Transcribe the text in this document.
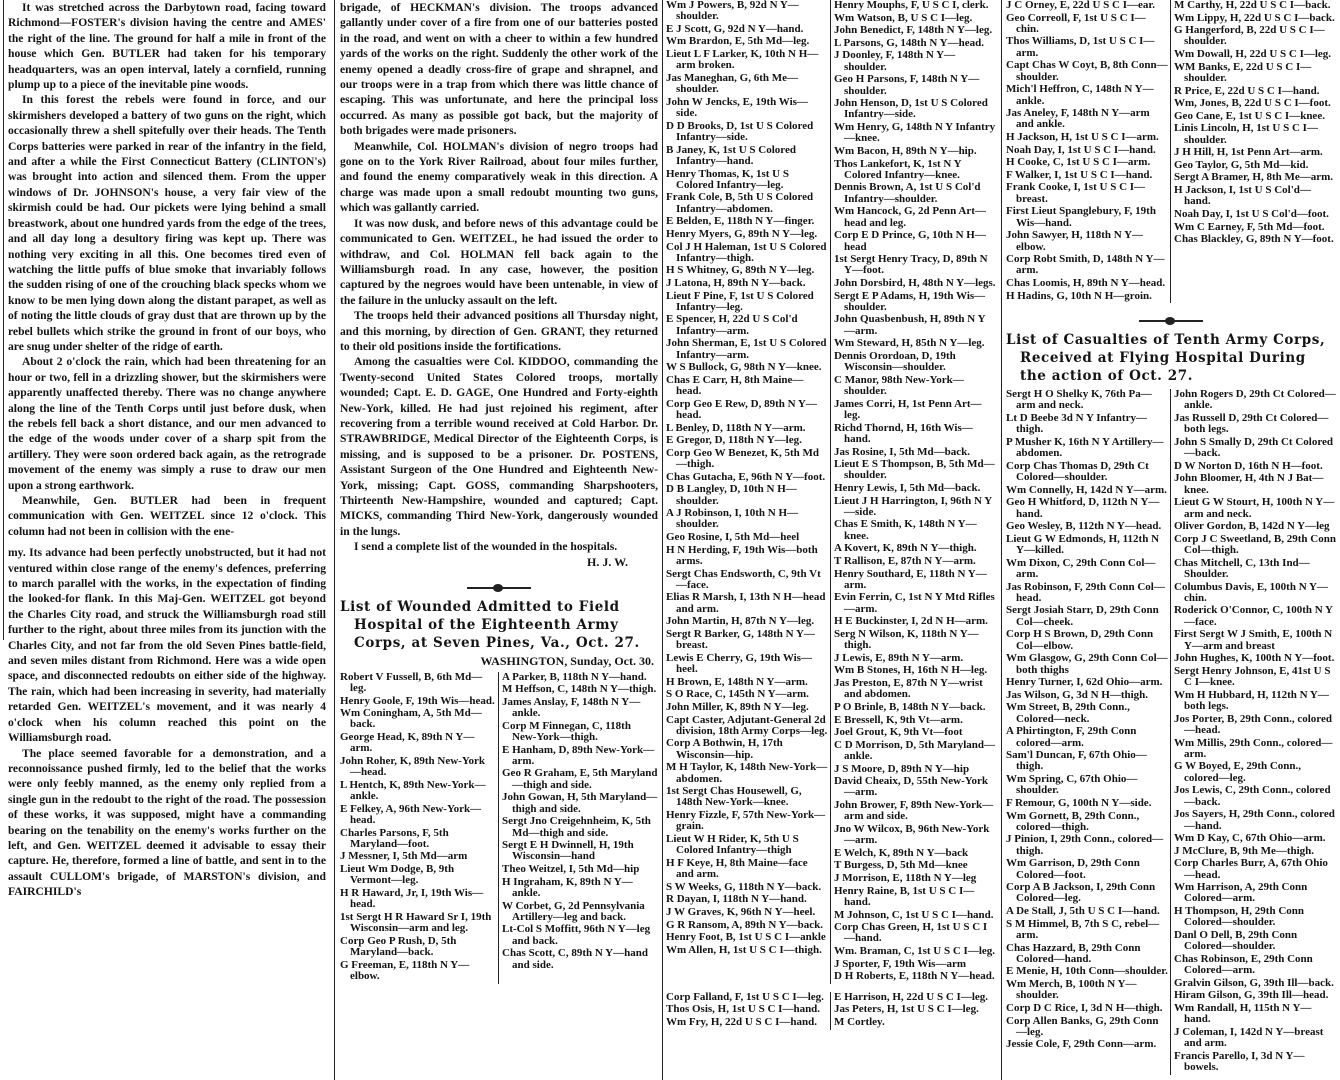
It was stretched across the Darbytown road, facing toward Richmond—FOSTER's division having the centre and AMES' the right of the line. The ground for half a mile in front of the house which Gen. BUTLER had taken for his temporary headquarters, was an open interval, lately a cornfield, running plump up to a piece of the inevitable pine woods.

In this forest the rebels were found in force, and our skirmishers developed a battery of two guns on the right, which occasionally threw a shell spitefully over their heads. The Tenth Corps batteries were parked in rear of the infantry in the field, and after a while the First Connecticut Battery (CLINTON's) was brought into action and silenced them. From the upper windows of Dr. JOHNSON's house, a very fair view of the skirmish could be had. Our pickets were lying behind a small breastwork, about one hundred yards from the edge of the trees, and all day long a desultory firing was kept up. There was nothing very exciting in all this. One becomes tired even of watching the little puffs of blue smoke that invariably follows the sudden rising of one of the crouching black specks whom we know to be men lying down along the distant parapet, as well as of noting the little clouds of gray dust that are thrown up by the rebel bullets which strike the ground in front of our boys, who are snug under shelter of the ridge of earth.

About 2 o'clock the rain, which had been threatening for an hour or two, fell in a drizzling shower, but the skirmishers were apparently unaffected thereby. There was no change anywhere along the line of the Tenth Corps until just before dusk, when the rebels fell back a short distance, and our men advanced to the edge of the woods under cover of a sharp spit from the artillery. They were soon ordered back again, as the retrograde movement of the enemy was simply a ruse to draw our men upon a strong earthwork.

Meanwhile, Gen. BUTLER had been in frequent communication with Gen. WEITZEL since 12 o'clock. This column had not been in collision with the ene-

my. Its advance had been perfectly unobstructed, but it had not ventured within close range of the enemy's defences, preferring to march parallel with the works, in the expectation of finding the looked-for flank. In this Maj-Gen. WEITZEL got beyond the Charles City road, and struck the Williamsburgh road still further to the right, about three miles from its junction with the Charles City, and not far from the old Seven Pines battle-field, and seven miles distant from Richmond. Here was a wide open space, and disconnected redoubts on either side of the highway. The rain, which had been increasing in severity, had materially retarded Gen. WEITZEL's movement, and it was nearly 4 o'clock when his column reached this point on the Williamsburgh road.

The place seemed favorable for a demonstration, and a reconnoissance pushed firmly, led to the belief that the works were only feebly manned, as the enemy only replied from a single gun in the redoubt to the right of the road. The possession of these works, it was supposed, might have a commanding bearing on the tenability on the enemy's works further on the left, and Gen. WEITZEL deemed it advisable to essay their capture. He, therefore, formed a line of battle, and sent in to the assault CULLOM's brigade, of MARSTON's division, and FAIRCHILD's

brigade, of HECKMAN's division. The troops advanced gallantly under cover of a fire from one of our batteries posted in the road, and went on with a cheer to within a few hundred yards of the works on the right. Suddenly the other work of the enemy opened a deadly cross-fire of grape and shrapnel, and our troops were in a trap from which there was little chance of escaping. This was unfortunate, and here the principal loss occurred. As many as possible got back, but the majority of both brigades were made prisoners.

Meanwhile, Col. HOLMAN's division of negro troops had gone on to the York River Railroad, about four miles further, and found the enemy comparatively weak in this direction. A charge was made upon a small redoubt mounting two guns, which was gallantly carried.

It was now dusk, and before news of this advantage could be communicated to Gen. WEITZEL, he had issued the order to withdraw, and Col. HOLMAN fell back again to the Williamsburgh road. In any case, however, the position captured by the negroes would have been untenable, in view of the failure in the unlucky assault on the left.

The troops held their advanced positions all Thursday night, and this morning, by direction of Gen. GRANT, they returned to their old positions inside the fortifications.

Among the casualties were Col. KIDDOO, commanding the Twenty-second United States Colored troops, mortally wounded; Capt. E. D. GAGE, One Hundred and Forty-eighth New-York, killed. He had just rejoined his regiment, after recovering from a terrible wound received at Cold Harbor. Dr. STRAWBRIDGE, Medical Director of the Eighteenth Corps, is missing, and is supposed to be a prisoner. Dr. POSTENS, Assistant Surgeon of the One Hundred and Eighteenth New-York, missing; Capt. GOSS, commanding Sharpshooters, Thirteenth New-Hampshire, wounded and captured; Capt. MICKS, commanding Third New-York, dangerously wounded in the lungs.

I send a complete list of the wounded in the hospitals.

H. J. W.
List of Wounded Admitted to Field Hospital of the Eighteenth Army Corps, at Seven Pines, Va., Oct. 27.
WASHINGTON, Sunday, Oct. 30.
Robert V Fussell, B, 6th Md—leg.
Henry Goole, F, 19th Wis—head.
Wm Coningham, A, 5th Md—back.
George Head, K, 89th N Y—arm.
John Roher, K, 89th New-York—head.
L Hentch, K, 89th New-York—ankle.
E Felkey, A, 96th New-York—head.
Charles Parsons, F, 5th Maryland—foot.
J Messner, I, 5th Md—arm
Lieut Wm Dodge, B, 9th Vermont—leg.
H R Haward, Jr, I, 19th Wis—head.
1st Sergt H R Haward Sr I, 19th Wisconsin—arm and leg.
Corp Geo P Rush, D, 5th Maryland—back.
G Freeman, E, 118th N Y—elbow.
A Parker, B, 118th N Y—hand.
M Heffson, C, 148th N Y—thigh.
James Anslay, F, 148th N Y—ankle.
Corp M Finnegan, C, 118th New-York—thigh.
E Hanham, D, 89th New-York—arm.
Geo R Graham, E, 5th Maryland—thigh and side.
John Gowan, H, 5th Maryland—thigh and side.
Sergt Jno Creigehnheim, K, 5th Md—thigh and side.
Sergt E H Dwinnell, H, 19th Wisconsin—hand
Theo Weitzel, I, 5th Md—hip
H Ingraham, K, 89th N Y—ankle.
W Corbet, G, 2d Pennsylvania Artillery—leg and back.
Lt-Col S Moffitt, 96th N Y—leg and back.
Chas Scott, C, 89th N Y—hand and side.
Wm J Powers, B, 92d N Y—shoulder.
E J Scott, G, 92d N Y—hand.
Wm Brardon, E, 5th Md—leg.
Lieut L F Larker, K, 10th N H—arm broken.
Jas Maneghan, G, 6th Me—shoulder.
John W Jencks, E, 19th Wis—side.
D D Brooks, D, 1st U S Colored Infantry—side.
B Janey, K, 1st U S Colored Infantry—hand.
Henry Thomas, K, 1st U S Colored Infantry—leg.
Frank Cole, B, 5th U S Colored Infantry—abdomen.
E Belden, E, 118th N Y—finger.
Henry Myers, G, 89th N Y—leg.
Col J H Haleman, 1st U S Colored Infantry—thigh.
H S Whitney, G, 89th N Y—leg.
J Latona, H, 89th N Y—back.
Lieut F Pine, F, 1st U S Colored Infantry—leg.
E Spencer, H, 22d U S Col'd Infantry—arm.
John Sherman, E, 1st U S Colored Infantry—arm.
W S Bullock, G, 98th N Y—knee.
Chas E Carr, H, 8th Maine—head.
Corp Geo E Rew, D, 89th N Y—head.
L Benley, D, 118th N Y—arm.
E Gregor, D, 118th N Y—leg.
Corp Geo W Benezet, K, 5th Md—thigh.
Chas Gutacha, E, 96th N Y—foot.
D B Langley, D, 10th N H—shoulder.
A J Robinson, I, 10th N H—shoulder.
Geo Rosine, I, 5th Md—heel
H N Herding, F, 19th Wis—both arms.
Sergt Chas Endsworth, C, 9th Vt—face.
Elias R Marsh, I, 13th N H—head and arm.
John Martin, H, 87th N Y—leg.
Sergt R Barker, G, 148th N Y—breast.
Lewis E Cherry, G, 19th Wis—heel.
H Brown, E, 148th N Y—arm.
S O Race, C, 145th N Y—arm.
John Miller, K, 89th N Y—leg.
Capt Caster, Adjutant-General 2d division, 18th Army Corps—leg.
Corp A Bothwin, H, 17th Wisconsin—hip.
M H Taylor, K, 148th New-York—abdomen.
1st Sergt Chas Housewell, G, 148th New-York—knee.
Henry Fizzle, F, 57th New-York—grain.
Lieut W H Rider, K, 5th U S Colored Infantry—thigh
H F Keye, H, 8th Maine—face and arm.
S W Weeks, G, 118th N Y—back.
R Dayan, I, 118th N Y—hand.
J W Graves, K, 96th N Y—heel.
G R Ransom, A, 89th N Y—back.
Henry Foot, B, 1st U S C I—ankle
Wm Allen, H, 1st U S C I—thigh.
Henry Mouphs, F, U S C I, clerk.
Wm Watson, B, U S C I—leg.
John Benedict, F, 148th N Y—leg.
L Parsons, G, 148th N Y—head.
J Doonley, F, 148th N Y—shoulder.
Geo H Parsons, F, 148th N Y—shoulder.
John Henson, D, 1st U S Colored Infantry—side.
Wm Henry, G, 148th N Y Infantry—knee.
Wm Bacon, H, 89th N Y—hip.
Thos Lankefort, K, 1st N Y Colored Infantry—knee.
Dennis Brown, A, 1st U S Col'd Infantry—shoulder.
Wm Hancock, G, 2d Penn Art—head and leg.
Corp E D Prince, G, 10th N H—head
1st Sergt Henry Tracy, D, 89th N Y—foot.
John Dorsbird, H, 48th N Y—legs.
Sergt E P Adams, H, 19th Wis—shoulder.
John Quasbenbush, H, 89th N Y—arm.
Wm Steward, H, 85th N Y—leg.
Dennis Orordoan, D, 19th Wisconsin—shoulder.
C Manor, 98th New-York—shoulder.
James Corri, H, 1st Penn Art—leg.
Richd Thornd, H, 16th Wis—hand.
Jas Rosine, I, 5th Md—back.
Lieut E S Thompson, B, 5th Md—shoulder.
Henry Lewis, I, 5th Md—back.
Lieut J H Harrington, I, 96th N Y—side.
Chas E Smith, K, 148th N Y—knee.
A Kovert, K, 89th N Y—thigh.
T Rallison, E, 87th N Y—arm.
Henry Southard, E, 118th N Y—arm.
Evin Ferrin, C, 1st N Y Mtd Rifles—arm.
H E Buckinster, I, 2d N H—arm.
Serg N Wilson, K, 118th N Y—thigh.
J Lewis, E, 89th N Y—arm.
Wm B Stones, H, 16th N H—leg.
Jas Preston, E, 87th N Y—wrist and abdomen.
P O Brinle, B, 148th N Y—back.
E Bressell, K, 9th Vt—arm.
Joel Grout, K, 9th Vt—foot
C D Morrison, D, 5th Maryland—ankle.
J S Moore, D, 89th N Y—hip
David Cheaix, D, 55th New-York—arm.
John Brower, F, 89th New-York—arm and side.
Jno W Wilcox, B, 96th New-York—arm.
E Welch, K, 89th N Y—back
T Burgess, D, 5th Md—knee
J Morrison, E, 118th N Y—leg
Henry Raine, B, 1st U S C I—hand.
M Johnson, C, 1st U S C I—hand.
Corp Chas Green, H, 1st U S C I—hand.
Wm. Braman, C, 1st U S C I—leg.
J Sporter, F, 19th Wis—arm
D H Roberts, E, 118th N Y—head.
Corp Falland, F, 1st U S C I—leg.
Thos Osis, H, 1st U S C I—hand.
Wm Fry, H, 22d U S C I—hand.
E Harrison, H, 22d U S C I—leg.
Jas Peters, H, 1st U S C I—leg.
M Cortley.
J C Orney, E, 22d U S C I—ear.
Geo Correoll, F, 1st U S C I—chin.
Thos Williams, D, 1st U S C I—arm.
Capt Chas W Coyt, B, 8th Conn—shoulder.
Mich'l Heffron, C, 148th N Y—ankle.
Jas Aneley, F, 148th N Y—arm and ankle.
H Jackson, H, 1st U S C I—arm.
Noah Day, I, 1st U S C I—hand.
H Cooke, C, 1st U S C I—arm.
F Walker, I, 1st U S C I—hand.
Frank Cooke, I, 1st U S C I—breast.
First Lieut Spanglebury, F, 19th Wis—hand.
John Sawyer, H, 118th N Y—elbow.
Corp Robt Smith, D, 148th N Y—arm.
Chas Loomis, H, 89th N Y—head.
H Hadins, G, 10th N H—groin.
M Carthy, H, 22d U S C I—back.
Wm Lippy, H, 22d U S C I—back.
G Hangerford, B, 22d U S C I—shoulder.
Wm Dowall, H, 22d U S C I—leg.
WM Banks, E, 22d U S C I—shoulder.
R Price, E, 22d U S C I—hand.
Wm, Jones, B, 22d U S C I—foot.
Geo Cane, E, 1st U S C I—knee.
Linis Lincoln, H, 1st U S C I—shoulder.
J H Hill, H, 1st Penn Art—arm.
Geo Taylor, G, 5th Md—kid.
Sergt A Bramer, H, 8th Me—arm.
H Jackson, I, 1st U S Col'd—hand.
Noah Day, I, 1st U S Col'd—foot.
Wm C Earney, F, 5th Md—foot.
Chas Blackley, G, 89th N Y—foot.
List of Casualties of Tenth Army Corps, Received at Flying Hospital During the action of Oct. 27.
Sergt H O Shelky K, 76th Pa—arm and neck.
Lt D Beebe 3d N Y Infantry—thigh.
P Musher K, 16th N Y Artillery—abdomen.
Corp Chas Thomas D, 29th Ct Colored—shoulder.
Wm Connelly, H, 142d N Y—arm.
Geo H Whitford, D, 112th N Y—hand.
Geo Wesley, B, 112th N Y—head.
Lieut G W Edmonds, H, 112th N Y—killed.
Wm Dixon, C, 29th Conn Col—arm.
Jas Robinson, F, 29th Conn Col—head.
Sergt Josiah Starr, D, 29th Conn Col—cheek.
Corp H S Brown, D, 29th Conn Col—elbow.
Wm Glasgow, G, 29th Conn Col—both thighs
Henry Turner, I, 62d Ohio—arm.
Jas Wilson, G, 3d N H—thigh.
Wm Street, B, 29th Conn., Colored—neck.
A Phirtington, F, 29th Conn colored—arm.
Sam'l Duncan, F, 67th Ohio—thigh.
Wm Spring, C, 67th Ohio—shoulder.
F Remour, G, 100th N Y—side.
Wm Gornett, B, 29th Conn., colored—thigh.
J Pinion, I, 29th Conn., colored—thigh.
Wm Garrison, D, 29th Conn Colored—foot.
Corp A B Jackson, I, 29th Conn Colored—leg.
A De Stall, J, 5th U S C I—hand.
S M Himmel, B, 7th S C, rebel—arm.
Chas Hazzard, B, 29th Conn Colored—hand.
E Menie, H, 10th Conn—shoulder.
Wm Merch, B, 100th N Y—shoulder.
Corp D C Rice, I, 3d N H—thigh.
Corp Allen Banks, G, 29th Conn—leg.
Jessie Cole, F, 29th Conn—arm.
John Rogers D, 29th Ct Colored—ankle.
Jas Russell D, 29th Ct Colored—both legs.
John S Smally D, 29th Ct Colored—back.
D W Norton D, 16th N H—foot.
John Bloomer, H, 4th N J Bat—knee.
Lieut G W Stourt, H, 100th N Y—arm and neck.
Oliver Gordon, B, 142d N Y—leg
Corp J C Sweetland, B, 29th Conn Col—thigh.
Chas Mitchell, C, 13th Ind—Shoulder.
Columbus Davis, E, 100th N Y—chin.
Roderick O'Connor, C, 100th N Y—face.
First Sergt W J Smith, E, 100th N Y—arm and breast
John Hughes, K, 100th N Y—foot.
Sergt Henry Johnson, E, 41st U S C I—knee.
Wm H Hubbard, H, 112th N Y—both legs.
Jos Porter, B, 29th Conn., colored—head.
Wm Millis, 29th Conn., colored—arm.
G W Boyed, E, 29th Conn., colored—leg.
Jos Lewis, C, 29th Conn., colored—back.
Jos Sayers, H, 29th Conn., colored—hand.
Wm D Kay, C, 67th Ohio—arm.
J McClure, B, 9th Me—thigh.
Corp Charles Burr, A, 67th Ohio—head.
Wm Harrison, A, 29th Conn Colored—arm.
H Thompson, H, 29th Conn Colored—shoulder.
Danl O Dell, B, 29th Conn Colored—shoulder.
Chas Robinson, E, 29th Conn Colored—arm.
Gralvin Gilson, G, 39th Ill—back.
Hiram Gilson, G, 39th Ill—head.
Wm Randall, H, 115th N Y—hand.
J Coleman, I, 142d N Y—breast and arm.
Francis Parello, I, 3d N Y—bowels.
